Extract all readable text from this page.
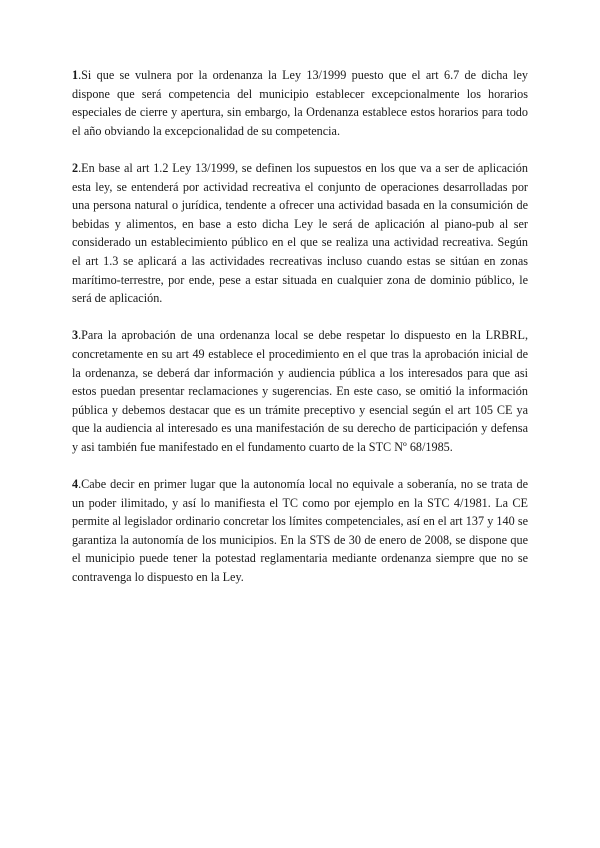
1.Si que se vulnera por la ordenanza la Ley 13/1999 puesto que el art 6.7 de dicha ley dispone que será competencia del municipio establecer excepcionalmente los horarios especiales de cierre y apertura, sin embargo, la Ordenanza establece estos horarios para todo el año obviando la excepcionalidad de su competencia.

2.En base al art 1.2 Ley 13/1999, se definen los supuestos en los que va a ser de aplicación esta ley, se entenderá por actividad recreativa el conjunto de operaciones desarrolladas por una persona natural o jurídica, tendente a ofrecer una actividad basada en la consumición de bebidas y alimentos, en base a esto dicha Ley le será de aplicación al piano-pub al ser considerado un establecimiento público en el que se realiza una actividad recreativa. Según el art 1.3 se aplicará a las actividades recreativas incluso cuando estas se sitúan en zonas marítimo-terrestre, por ende, pese a estar situada en cualquier zona de dominio público, le será de aplicación.

3.Para la aprobación de una ordenanza local se debe respetar lo dispuesto en la LRBRL, concretamente en su art 49 establece el procedimiento en el que tras la aprobación inicial de la ordenanza, se deberá dar información y audiencia pública a los interesados para que asi estos puedan presentar reclamaciones y sugerencias. En este caso, se omitió la información pública y debemos destacar que es un trámite preceptivo y esencial según el art 105 CE ya que la audiencia al interesado es una manifestación de su derecho de participación y defensa y asi también fue manifestado en el fundamento cuarto de la STC Nº 68/1985.

4.Cabe decir en primer lugar que la autonomía local no equivale a soberanía, no se trata de un poder ilimitado, y así lo manifiesta el TC como por ejemplo en la STC 4/1981. La CE permite al legislador ordinario concretar los límites competenciales, así en el art 137 y 140 se garantiza la autonomía de los municipios. En la STS de 30 de enero de 2008, se dispone que el municipio puede tener la potestad reglamentaria mediante ordenanza siempre que no se contravenga lo dispuesto en la Ley.
